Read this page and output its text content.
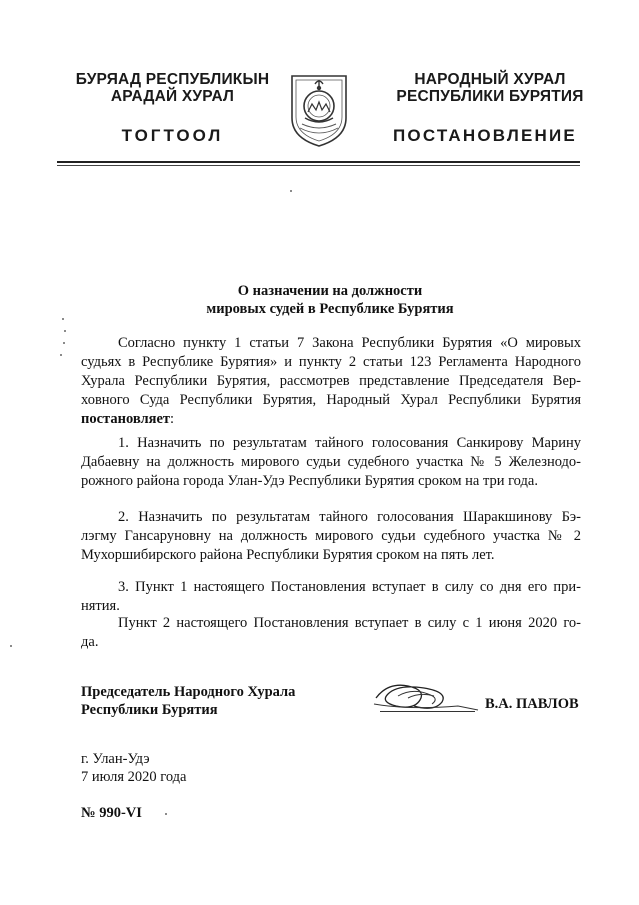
БУРЯАД РЕСПУБЛИКЫН
АРАДАЙ ХУРАЛ
НАРОДНЫЙ ХУРАЛ
РЕСПУБЛИКИ БУРЯТИЯ
ТОГТООЛ	ПОСТАНОВЛЕНИЕ
О назначении на должности
мировых судей в Республике Бурятия
Согласно пункту 1 статьи 7 Закона Республики Бурятия «О мировых
судьях в Республике Бурятия» и пункту 2 статьи 123 Регламента Народного
Хурала Республики Бурятия, рассмотрев представление Председателя Вер-
ховного Суда Республики Бурятия, Народный Хурал Республики Бурятия
постановляет:
1. Назначить по результатам тайного голосования Санкирову Марину
Дабаевну на должность мирового судьи судебного участка № 5 Железнодо-
рожного района города Улан-Удэ Республики Бурятия сроком на три года.
2. Назначить по результатам тайного голосования Шаракшинову Бэ-
лэгму Гансаруновну на должность мирового судьи судебного участка № 2
Мухоршибирского района Республики Бурятия сроком на пять лет.
3. Пункт 1 настоящего Постановления вступает в силу со дня его при-
нятия.
Пункт 2 настоящего Постановления вступает в силу с 1 июня 2020 го-
да.
Председатель Народного Хурала
Республики Бурятия	В.А. ПАВЛОВ
г. Улан-Удэ
7 июля 2020 года
№ 990-VI
